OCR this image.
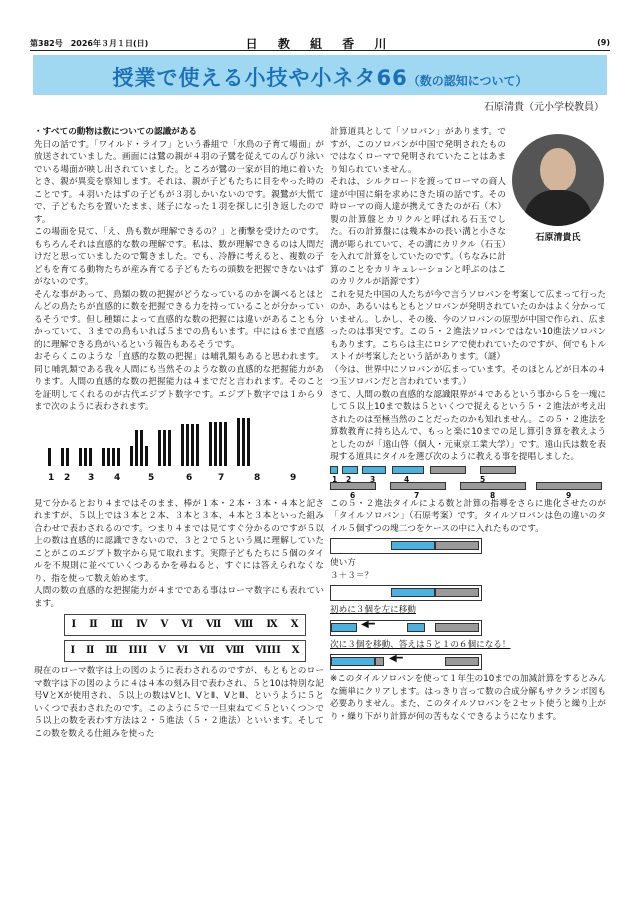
第382号　2026年３月１日(日)	日 教 組 香 川	(9)
授業で使える小技や小ネタ66（数の認知について）
石原清貴（元小学校教員）

・すべての動物は数についての認識がある

先日の話です。「ワイルド・ライフ」という番組で「水鳥の子育て場面」が放送されていました。画面には鷺の親が４羽の子鷺を従えてのんびり泳いでいる場面が映し出されていました。ところが鷺の一家が目的地に着いたとき、親が異変を察知します。それは、親が子どもたちに目をやった時のことです。４羽いたはずの子どもが３羽しかいないのです。親鷺が大慌てで、子どもたちを置いたまま、迷子になった１羽を探しに引き返したのです。

この場面を見て、「え、鳥も数が理解できるの？」と衝撃を受けたのです。もちろんそれは直感的な数の理解です。私は、数が理解できるのは人間だけだと思っていましたので驚きました。でも、冷静に考えると、複数の子どもを育てる動物たちが産み育てる子どもたちの頭数を把握できないはずがないのです。

そんな事があって、鳥類の数の把握がどうなっているのかを調べるとほとんどの鳥たちが直感的に数を把握できる力を持っていることが分かっているそうです。但し種類によって直感的な数の把握には違いがあることも分かっていて、３までの鳥もいれば５までの鳥もいます。中には６まで直感的に理解できる鳥がいるという報告もあるそうです。

おそらくこのような「直感的な数の把握」は哺乳類もあると思われます。同じ哺乳類である我々人間にも当然そのような数の直感的な把握能力があります。人間の直感的な数の把握能力は４までだと言われます。そのことを証明してくれるのが古代エジプト数字です。エジプト数字では１から９まで次のように表わされます。

1	2	3	4	5	6	7	8	9

見て分かるとおり４まではそのまま、棒が１本・２本・３本・４本と記されますが、５以上では３本と２本、３本と３本、４本と３本といった組み合わせで表わされるのです。つまり４までは見てすぐ分かるのですが５以上の数は直感的に認識できないので、３と２で５という風に理解していたことがこのエジプト数字から見て取れます。実際子どもたちに５個のタイルを不規則に並べていくつあるかを尋ねると、すぐには答えられなくなり、指を使って数え始めます。

人間の数の直感的な把握能力が４までである事はローマ数字にも表れています。

Ⅰ Ⅱ Ⅲ Ⅳ Ⅴ Ⅵ Ⅶ Ⅷ Ⅸ Ⅹ
Ⅰ Ⅱ Ⅲ ⅠⅠⅠⅠ Ⅴ Ⅵ Ⅶ Ⅷ ⅥⅠⅠⅠ Ⅹ

現在のローマ数字は上の図のように表わされるのですが、もともとのローマ数字は下の図のように４は４本の刻み目で表わされ、５と10は特別な記号ⅤとⅩが使用され、５以上の数はⅤとⅠ、ⅤとⅡ、ⅤとⅢ、というように５といくつで表わされたのです。このように５で一旦束ねて＜５といくつ＞で５以上の数を表わす方法は２・５進法（５・２進法）といいます。そしてこの数を数える仕組みを使った

石原清貴氏

計算道具として「ソロバン」があります。ですが、このソロバンが中国で発明されたものではなくローマで発明されていたことはあまり知られていません。

それは、シルクロードを渡ってローマの商人達が中国に絹を求めにきた頃の話です。その時ローマの商人達が携えてきたのが石（木）製の計算盤とカリクルと呼ばれる石玉でした。石の計算盤には幾本かの長い溝と小さな溝が彫られていて、その溝にカリクル（石玉）を入れて計算をしていたのです。（ちなみに計算のことをカリキュレーションと呼ぶのはこのカリクルが語源です）

これを見た中国の人たちが今で言うソロバンを考案して広まって行ったのか、あるいはもともとソロバンが発明されていたのかはよく分かっていません。しかし、その後、今のソロバンの原型が中国で作られ、広まったのは事実です。この５・２進法ソロバンではない10進法ソロバンもあります。こちらは主にロシアで使われていたのですが、何でもトルストイが考案したという話があります。（謎）

（今は、世界中にソロバンが広まっています。そのほとんどが日本の４つ玉ソロバンだと言われています。）

さて、人間の数の直感的な認識限界が４であるという事から５を一塊にして５以上10まで数は５といくつで捉えるという５・２進法が考え出されたのは至極当然のことだったのかも知れません。この５・２進法を算数教育に持ち込んで、もっと楽に10までの足し算引き算を教えようとしたのが「遠山啓（個人・元東京工業大学）」です。遠山氏は数を表現する道具にタイルを選び次のように教える事を提唱しました。

1 2	3	4	5
6	7	8	9

この５・２進法タイルによる数と計算の指導をさらに進化させたのが「タイルソロバン」（石原考案）です。タイルソロバンは色の違いのタイル５個ずつの塊二つをケースの中に入れたものです。

使い方

３＋３＝？

初めに３個を左に移動

◀━

次に３個を移動、答えは５と１の６個になる！

◀━

※このタイルソロバンを使って１年生の10までの加減計算をするとみんな簡単にクリアします。はっきり言って数の合成分解もサクランボ図も必要ありません。また、このタイルソロバンを２セット使うと繰り上がり・繰り下がり計算が何の苦もなくできるようになります。
